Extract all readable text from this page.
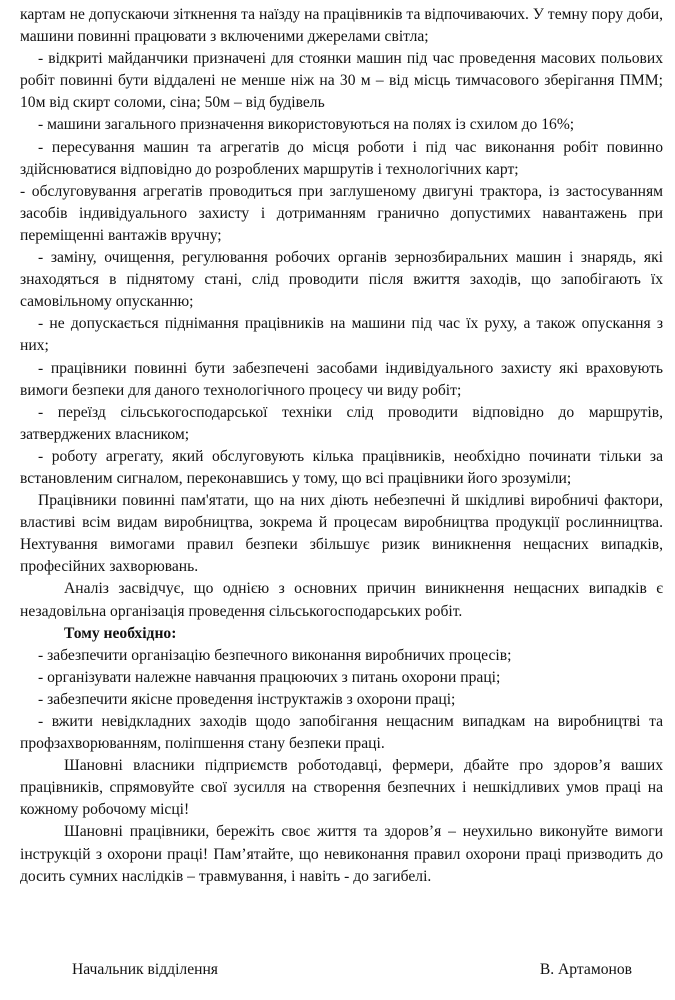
картам не допускаючи зіткнення та наїзду на працівників та відпочиваючих. У темну пору доби, машини повинні працювати з включеними джерелами світла;

- відкриті майданчики призначені для стоянки машин під час проведення масових польових робіт повинні бути віддалені не менше ніж на 30 м – від місць тимчасового зберігання ПММ; 10м від скирт соломи, сіна; 50м – від будівель

- машини загального призначення використовуються на полях із схилом до 16%;

- пересування машин та агрегатів до місця роботи і під час виконання робіт повинно здійснюватися відповідно до розроблених маршрутів і технологічних карт;

- обслуговування агрегатів проводиться при заглушеному двигуні трактора, із застосуванням засобів індивідуального захисту і дотриманням гранично допустимих навантажень при переміщенні вантажів вручну;

- заміну, очищення, регулювання робочих органів зернозбиральних машин і знарядь, які знаходяться в піднятому стані, слід проводити після вжиття заходів, що запобігають їх самовільному опусканню;

- не допускається піднімання працівників на машини під час їх руху, а також опускання з них;

- працівники повинні бути забезпечені засобами індивідуального захисту які враховують вимоги безпеки для даного технологічного процесу чи виду робіт;

- переїзд сільськогосподарської техніки слід проводити відповідно до маршрутів, затверджених власником;

- роботу агрегату, який обслуговують кілька працівників, необхідно починати тільки за встановленим сигналом, переконавшись у тому, що всі працівники його зрозуміли;

Працівники повинні пам'ятати, що на них діють небезпечні й шкідливі виробничі фактори, властиві всім видам виробництва, зокрема й процесам виробництва продукції рослинництва. Нехтування вимогами правил безпеки збільшує ризик виникнення нещасних випадків, професійних захворювань.

Аналіз засвідчує, що однією з основних причин виникнення нещасних випадків є незадовільна організація проведення сільськогосподарських робіт.

Тому необхідно:

- забезпечити організацію безпечного виконання виробничих процесів;

- організувати належне навчання працюючих з питань охорони праці;

- забезпечити якісне проведення інструктажів з охорони праці;

- вжити невідкладних заходів щодо запобігання нещасним випадкам на виробництві та профзахворюванням, поліпшення стану безпеки праці.

Шановні власники підприємств роботодавці, фермери, дбайте про здоров’я ваших працівників, спрямовуйте свої зусилля на створення безпечних і нешкідливих умов праці на кожному робочому місці!

Шановні працівники, бережіть своє життя та здоров’я – неухильно виконуйте вимоги інструкцій з охорони праці! Пам’ятайте, що невиконання правил охорони праці призводить до досить сумних наслідків – травмування, і навіть - до загибелі.

Начальник відділення	В. Артамонов
